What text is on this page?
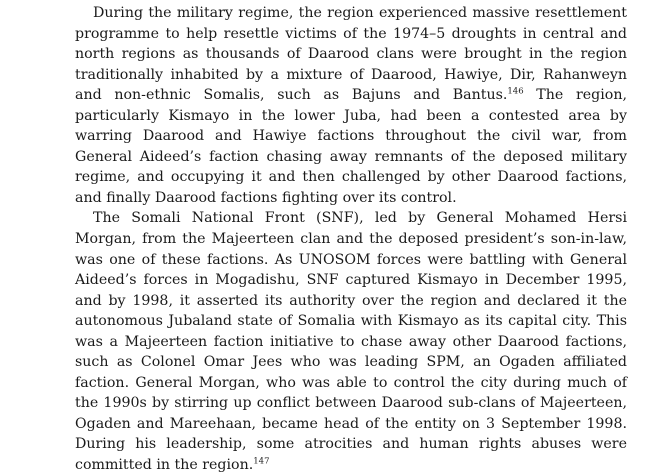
During the military regime, the region experienced massive resettlement programme to help resettle victims of the 1974–5 droughts in central and north regions as thousands of Daarood clans were brought in the region traditionally inhabited by a mixture of Daarood, Hawiye, Dir, Rahanweyn and non-ethnic Somalis, such as Bajuns and Bantus.$^{146}$ The region, particularly Kismayo in the lower Juba, had been a contested area by warring Daarood and Hawiye factions throughout the civil war, from General Aideed’s faction chasing away remnants of the deposed military regime, and occupying it and then challenged by other Daarood factions, and finally Daarood factions fighting over its control.

The Somali National Front (SNF), led by General Mohamed Hersi Morgan, from the Majeerteen clan and the deposed president’s son-in-law, was one of these factions. As UNOSOM forces were battling with General Aideed’s forces in Mogadishu, SNF captured Kismayo in December 1995, and by 1998, it asserted its authority over the region and declared it the autonomous Jubaland state of Somalia with Kismayo as its capital city. This was a Majeerteen faction initiative to chase away other Daarood factions, such as Colonel Omar Jees who was leading SPM, an Ogaden affiliated faction. General Morgan, who was able to control the city during much of the 1990s by stirring up conflict between Daarood sub-clans of Majeerteen, Ogaden and Mareehaan, became head of the entity on 3 September 1998. During his leadership, some atrocities and human rights abuses were committed in the region.$^{147}$
